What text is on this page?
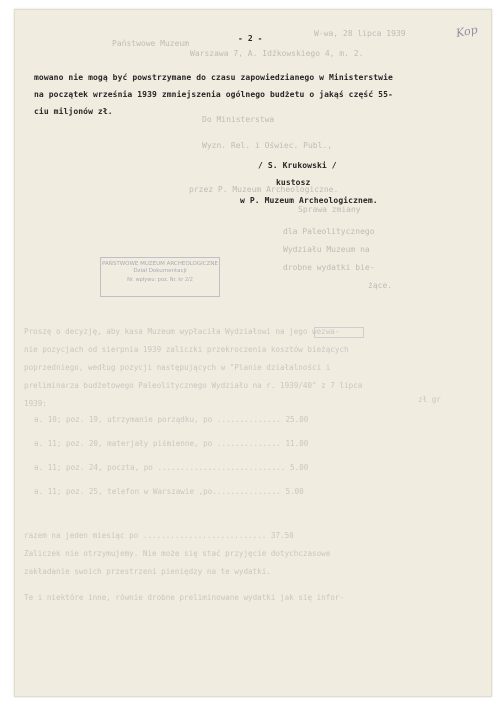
Kop
W-wa, 28 lipca 1939
Państwowe Muzeum
Warszawa 7, A. Idźkowskiego 4, m. 2.
Do Ministerstwa
Wyzn. Rel. i Oświec. Publ.,
przez P. Muzeum Archeologiczne.
Sprawa zmiany
dla Paleolitycznego
Wydziału Muzeum na
drobne wydatki bie-
żące.
PAŃSTWOWE MUZEUM ARCHEOLOGICZNE
Dział Dokumentacji
Nr. wpływu: poz. Nr. kr 2/2
Proszę o decyzję, aby kasa Muzeum wypłaciła Wydziałowi na jego wezwa-
nie pozycjach od sierpnia 1939 zaliczki przekroczenia kosztów bieżących
poprzedniego, według pozycji następujących w "Planie działalności i
preliminarza budżetowego Paleolitycznego Wydziału na r. 1939/40" z 7 lipca
1939:	zł gr
a. 10; poz. 19, utrzymanie porządku, po .............. 25.00
a. 11; poz. 20, materjały piśmienne, po .............. 11.00
a. 11; poz. 24, poczta, po ............................ 5.00
a. 11; poz. 25, telefon w Warszawie ,po............... 5.00
razem na jeden miesiąc po ........................... 37.50
Zaliczek nie otrzymujemy. Nie może się stać przyjęcie dotychczasowe
zakładanie swoich przestrzeni pieniędzy na te wydatki.
Te i niektóre inne, równie drobne preliminowane wydatki jak się infor-
- 2 -
mowano nie mogą być powstrzymane do czasu zapowiedzianego w Ministerstwie
na początek września 1939 zmniejszenia ogólnego budżetu o jakąś część 55-
ciu miljonów zł.
/ S. Krukowski /
kustosz
w P. Muzeum Archeologicznem.
